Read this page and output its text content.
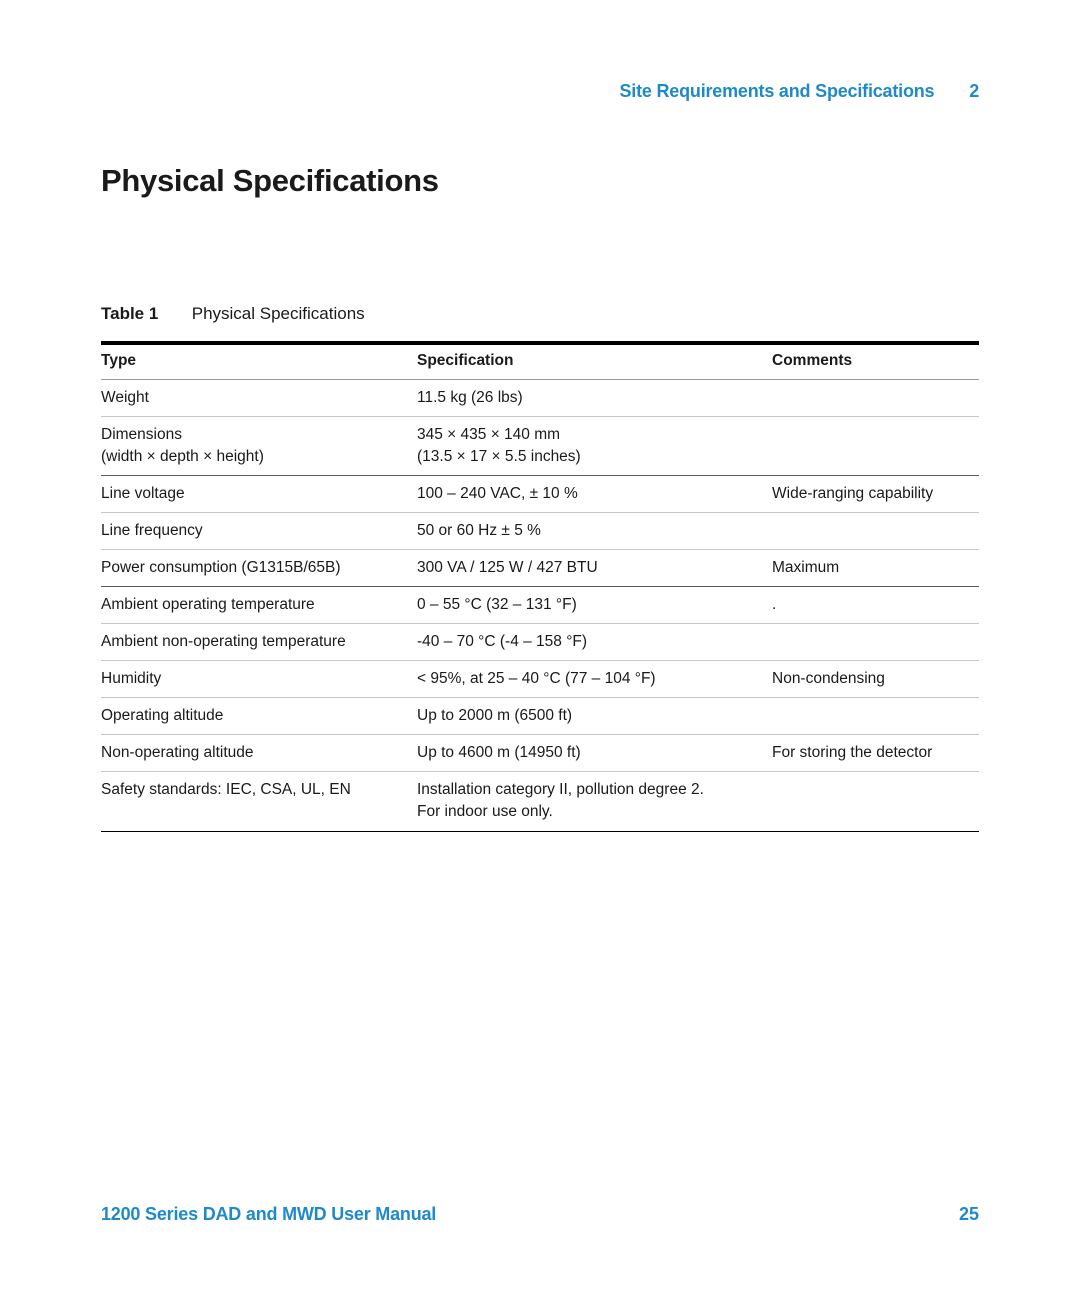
Site Requirements and Specifications 2
Physical Specifications
Table 1 Physical Specifications
Type	Specification	Comments

Weight	11.5 kg (26 lbs)	

Dimensions
(width × depth × height)	345 × 435 × 140 mm
(13.5 × 17 × 5.5 inches)	

Line voltage	100 – 240 VAC, ± 10 %	Wide-ranging capability

Line frequency	50 or 60 Hz ± 5 %	

Power consumption (G1315B/65B)	300 VA / 125 W / 427 BTU	Maximum

Ambient operating temperature	0 – 55 °C (32 – 131 °F)	.

Ambient non-operating temperature	-40 – 70 °C (-4 – 158 °F)	

Humidity	< 95%, at 25 – 40 °C (77 – 104 °F)	Non-condensing

Operating altitude	Up to 2000 m (6500 ft)	

Non-operating altitude	Up to 4600 m (14950 ft)	For storing the detector

Safety standards: IEC, CSA, UL, EN	Installation category II, pollution degree 2.
For indoor use only.	

1200 Series DAD and MWD User Manual	25
